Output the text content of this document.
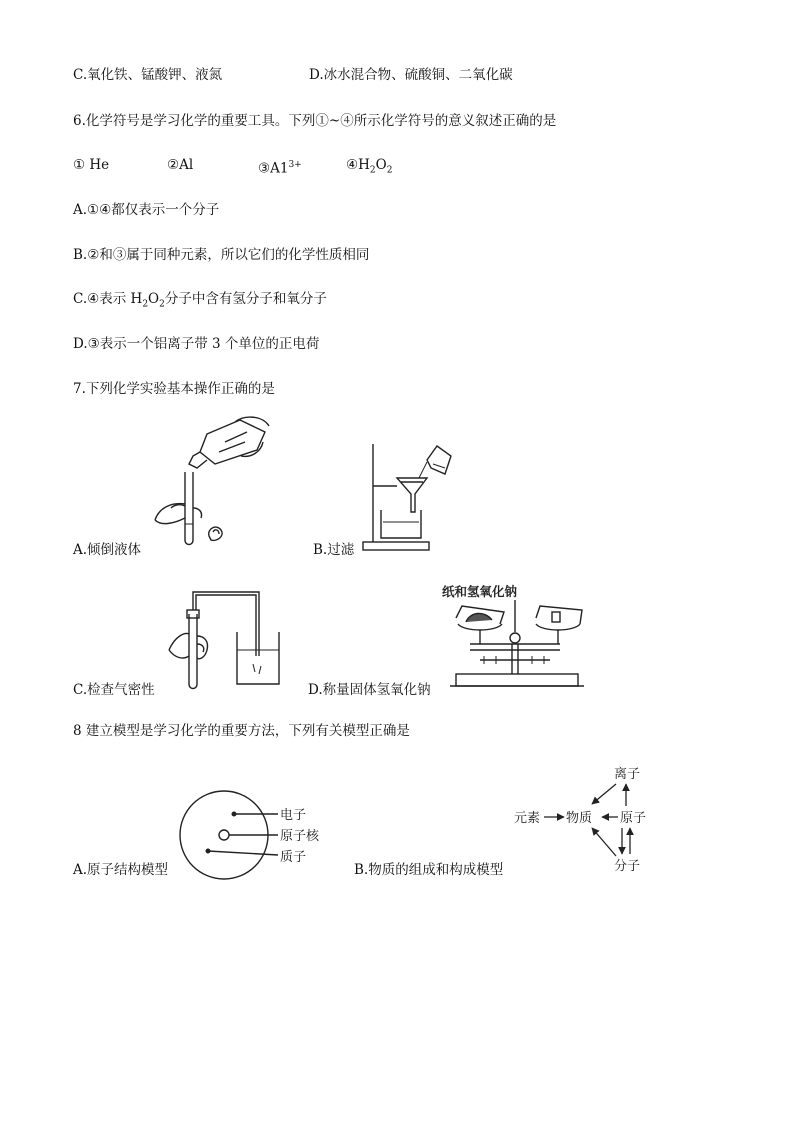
C.氧化铁、锰酸钾、液氮	D.冰水混合物、硫酸铜、二氧化碳
6.化学符号是学习化学的重要工具。下列①~④所示化学符号的意义叙述正确的是
① He	②Al	$③A1^{3+}$	$④H_2O_2$
A.①④都仅表示一个分子
B.②和③属于同种元素，所以它们的化学性质相同
C.④表示 $H_2O_2$分子中含有氢分子和氧分子
D.③表示一个铝离子带 3 个单位的正电荷
7.下列化学实验基本操作正确的是
A.倾倒液体	B.过滤
C.检查气密性
纸和氢氧化钠
D.称量固体氢氧化钠
8 建立模型是学习化学的重要方法，下列有关模型正确是
电子
原子核
质子
A.原子结构模型
离子
元素 物质 原子
分子
B.物质的组成和构成模型
